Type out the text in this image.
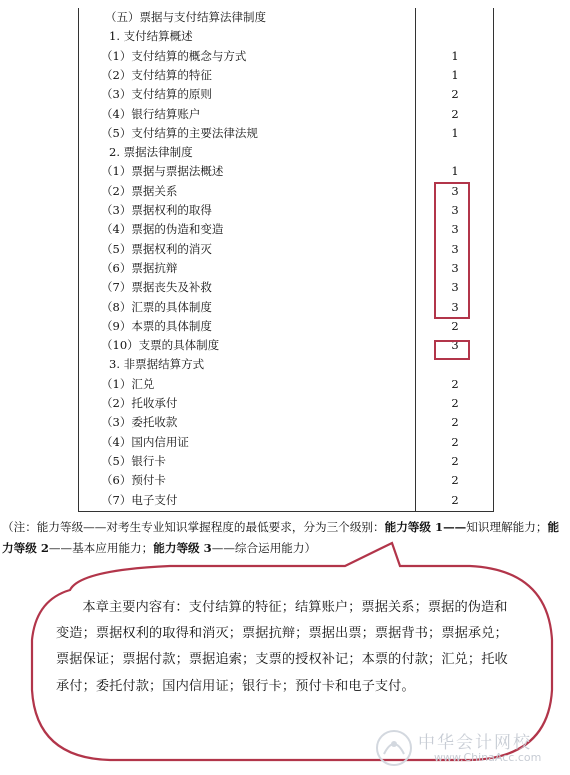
（五）票据与支付结算法律制度
1. 支付结算概述
（1）支付结算的概念与方式	1
（2）支付结算的特征	1
（3）支付结算的原则	2
（4）银行结算账户	2
（5）支付结算的主要法律法规	1
2. 票据法律制度
（1）票据与票据法概述	1
（2）票据关系	3
（3）票据权利的取得	3
（4）票据的伪造和变造	3
（5）票据权利的消灭	3
（6）票据抗辩	3
（7）票据丧失及补救	3
（8）汇票的具体制度	3
（9）本票的具体制度	2
（10）支票的具体制度	3
3. 非票据结算方式
（1）汇兑	2
（2）托收承付	2
（3）委托收款	2
（4）国内信用证	2
（5）银行卡	2
（6）预付卡	2
（7）电子支付	2
（注：能力等级——对考生专业知识掌握程度的最低要求，分为三个级别：能力等级 1——知识理解能力；能力等级 2——基本应用能力；能力等级 3——综合运用能力）
本章主要内容有：支付结算的特征；结算账户；票据关系；票据的伪造和变造；票据权利的取得和消灭；票据抗辩；票据出票；票据背书；票据承兑；票据保证；票据付款；票据追索；支票的授权补记；本票的付款；汇兑；托收承付；委托付款；国内信用证；银行卡；预付卡和电子支付。
中华会计网校
www.ChinaAcc.com
